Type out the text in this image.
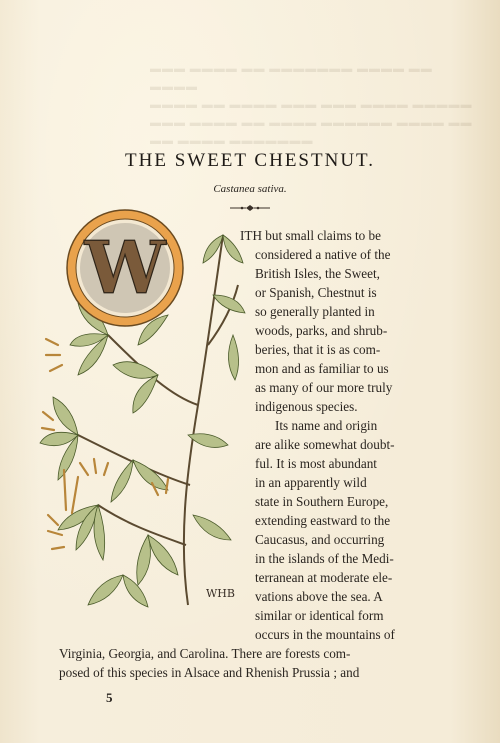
▬▬▬ ▬▬▬▬ ▬▬ ▬▬▬▬▬▬▬ ▬▬▬▬ ▬▬ ▬▬▬▬
▬▬▬▬ ▬▬ ▬▬▬▬ ▬▬▬ ▬▬▬ ▬▬▬▬ ▬▬▬▬▬
▬▬▬ ▬▬▬▬ ▬▬ ▬▬▬▬ ▬▬▬▬▬▬ ▬▬▬▬ ▬▬
▬▬ ▬▬▬▬ ▬▬▬▬▬▬▬
THE SWEET CHESTNUT.
Castanea sativa.
W
WHB
ITH but small claims to be
considered a native of the
British Isles, the Sweet,
or Spanish, Chestnut is
so generally planted in
woods, parks, and shrub-
beries, that it is as com-
mon and as familiar to us
as many of our more truly
indigenous species.
Its name and origin
are alike somewhat doubt-
ful. It is most abundant
in an apparently wild
state in Southern Europe,
extending eastward to the
Caucasus, and occurring
in the islands of the Medi-
terranean at moderate ele-
vations above the sea. A
similar or identical form
occurs in the mountains of
Virginia, Georgia, and Carolina. There are forests com-
posed of this species in Alsace and Rhenish Prussia ; and
5
